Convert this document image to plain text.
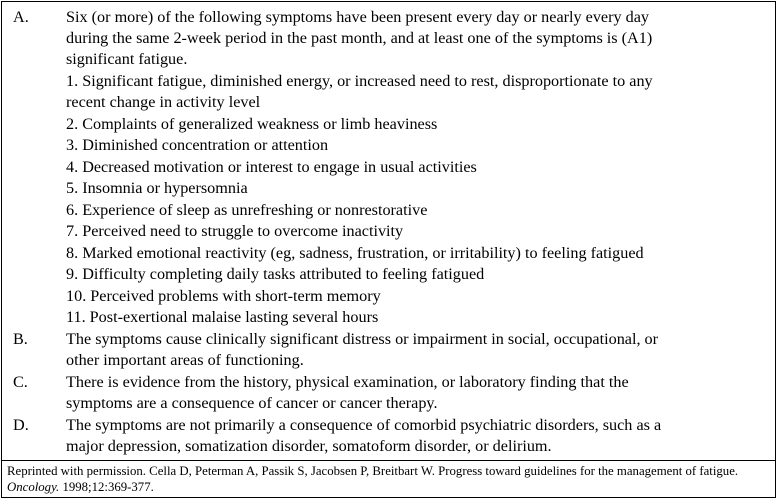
A. Six (or more) of the following symptoms have been present every day or nearly every day
during the same 2-week period in the past month, and at least one of the symptoms is (A1)
significant fatigue.
1. Significant fatigue, diminished energy, or increased need to rest, disproportionate to any
recent change in activity level
2. Complaints of generalized weakness or limb heaviness
3. Diminished concentration or attention
4. Decreased motivation or interest to engage in usual activities
5. Insomnia or hypersomnia
6. Experience of sleep as unrefreshing or nonrestorative
7. Perceived need to struggle to overcome inactivity
8. Marked emotional reactivity (eg, sadness, frustration, or irritability) to feeling fatigued
9. Difficulty completing daily tasks attributed to feeling fatigued
10. Perceived problems with short-term memory
11. Post-exertional malaise lasting several hours
B. The symptoms cause clinically significant distress or impairment in social, occupational, or
other important areas of functioning.
C. There is evidence from the history, physical examination, or laboratory finding that the
symptoms are a consequence of cancer or cancer therapy.
D. The symptoms are not primarily a consequence of comorbid psychiatric disorders, such as a
major depression, somatization disorder, somatoform disorder, or delirium.
Reprinted with permission. Cella D, Peterman A, Passik S, Jacobsen P, Breitbart W. Progress toward guidelines for the management of fatigue. Oncology. 1998;12:369-377.
